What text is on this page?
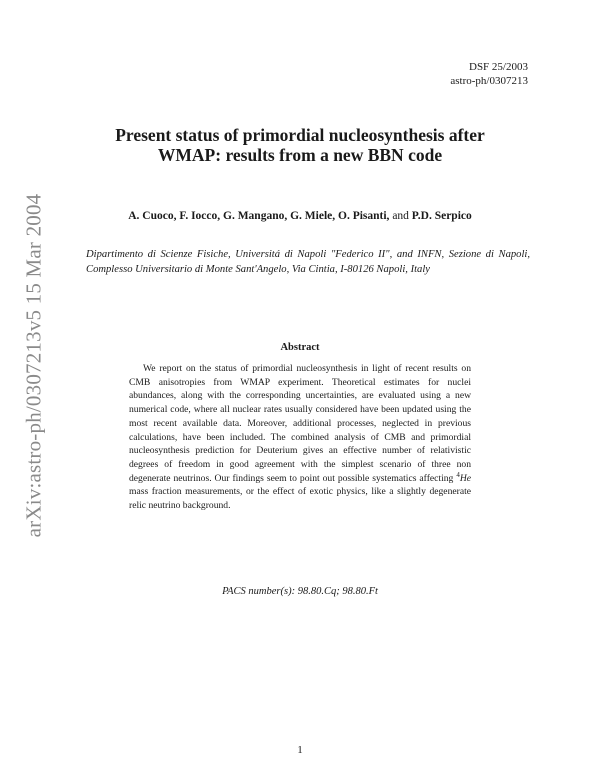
arXiv:astro-ph/0307213v5 15 Mar 2004
DSF 25/2003
astro-ph/0307213
Present status of primordial nucleosynthesis after
WMAP: results from a new BBN code
A. Cuoco, F. Iocco, G. Mangano, G. Miele, O. Pisanti, and P.D. Serpico
Dipartimento di Scienze Fisiche, Universitá di Napoli "Federico II", and INFN, Sezione di Napoli, Complesso Universitario di Monte Sant'Angelo, Via Cintia, I-80126 Napoli, Italy
Abstract
We report on the status of primordial nucleosynthesis in light of recent results on CMB anisotropies from WMAP experiment. Theoretical estimates for nuclei abundances, along with the corresponding uncertainties, are evaluated using a new numerical code, where all nuclear rates usually considered have been updated using the most recent available data. Moreover, additional processes, neglected in previous calculations, have been included. The combined analysis of CMB and primordial nucleosynthesis prediction for Deuterium gives an effective number of relativistic degrees of freedom in good agreement with the simplest scenario of three non degenerate neutrinos. Our findings seem to point out possible systematics affecting $^4$He mass fraction measurements, or the effect of exotic physics, like a slightly degenerate relic neutrino background.
PACS number(s): 98.80.Cq; 98.80.Ft
1
